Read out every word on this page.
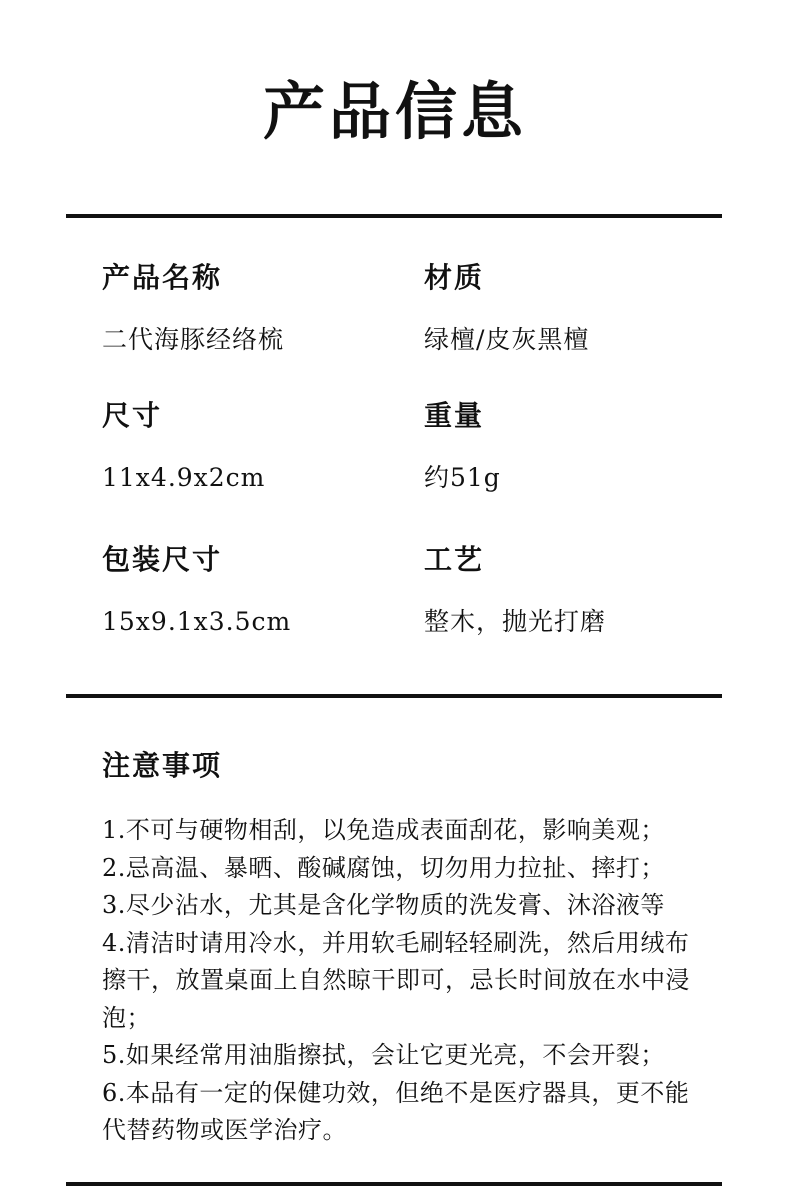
产品信息
产品名称
二代海豚经络梳
材质
绿檀/皮灰黑檀
尺寸
11x4.9x2cm
重量
约51g
包装尺寸
15x9.1x3.5cm
工艺
整木，抛光打磨
注意事项
1.不可与硬物相刮，以免造成表面刮花，影响美观；
2.忌高温、暴晒、酸碱腐蚀，切勿用力拉扯、摔打；
3.尽少沾水，尤其是含化学物质的洗发膏、沐浴液等
4.清洁时请用冷水，并用软毛刷轻轻刷洗，然后用绒布擦干，放置桌面上自然晾干即可，忌长时间放在水中浸泡；
5.如果经常用油脂擦拭，会让它更光亮，不会开裂；
6.本品有一定的保健功效，但绝不是医疗器具，更不能代替药物或医学治疗。
